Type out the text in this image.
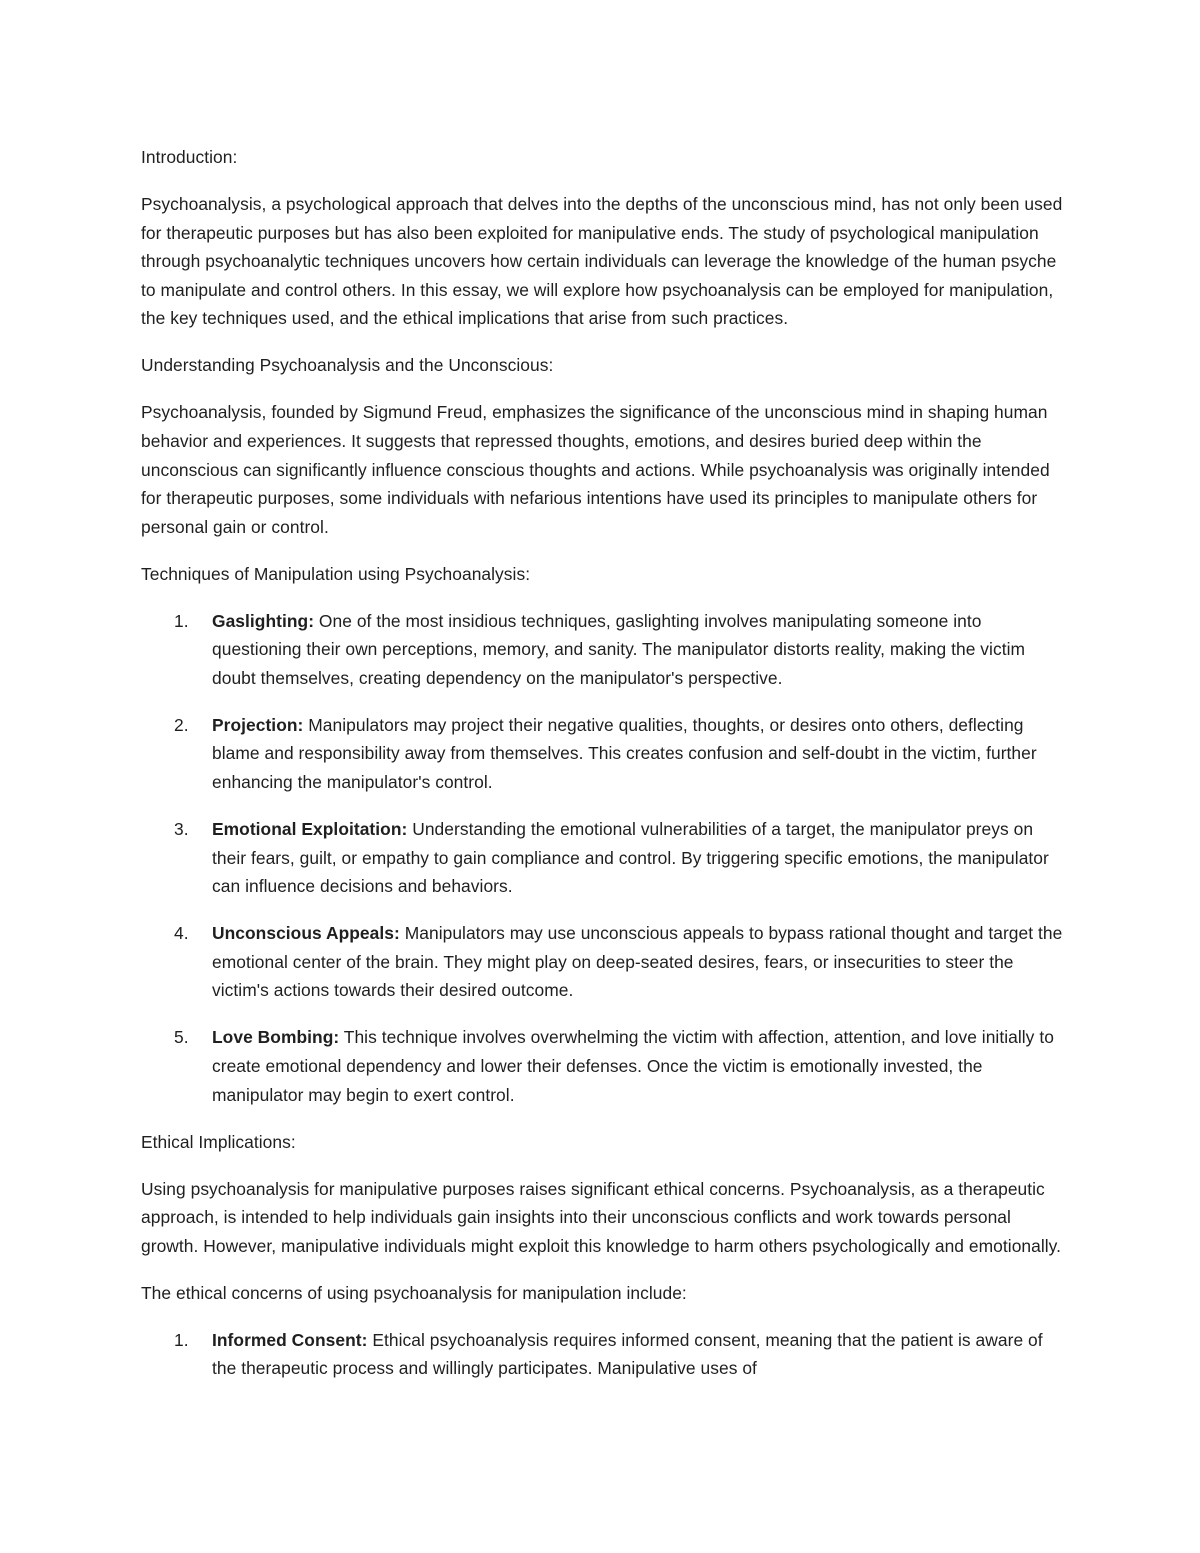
Introduction:

Psychoanalysis, a psychological approach that delves into the depths of the unconscious mind, has not only been used for therapeutic purposes but has also been exploited for manipulative ends. The study of psychological manipulation through psychoanalytic techniques uncovers how certain individuals can leverage the knowledge of the human psyche to manipulate and control others. In this essay, we will explore how psychoanalysis can be employed for manipulation, the key techniques used, and the ethical implications that arise from such practices.

Understanding Psychoanalysis and the Unconscious:

Psychoanalysis, founded by Sigmund Freud, emphasizes the significance of the unconscious mind in shaping human behavior and experiences. It suggests that repressed thoughts, emotions, and desires buried deep within the unconscious can significantly influence conscious thoughts and actions. While psychoanalysis was originally intended for therapeutic purposes, some individuals with nefarious intentions have used its principles to manipulate others for personal gain or control.

Techniques of Manipulation using Psychoanalysis:

1. Gaslighting: One of the most insidious techniques, gaslighting involves manipulating someone into questioning their own perceptions, memory, and sanity. The manipulator distorts reality, making the victim doubt themselves, creating dependency on the manipulator's perspective.
2. Projection: Manipulators may project their negative qualities, thoughts, or desires onto others, deflecting blame and responsibility away from themselves. This creates confusion and self-doubt in the victim, further enhancing the manipulator's control.
3. Emotional Exploitation: Understanding the emotional vulnerabilities of a target, the manipulator preys on their fears, guilt, or empathy to gain compliance and control. By triggering specific emotions, the manipulator can influence decisions and behaviors.
4. Unconscious Appeals: Manipulators may use unconscious appeals to bypass rational thought and target the emotional center of the brain. They might play on deep-seated desires, fears, or insecurities to steer the victim's actions towards their desired outcome.
5. Love Bombing: This technique involves overwhelming the victim with affection, attention, and love initially to create emotional dependency and lower their defenses. Once the victim is emotionally invested, the manipulator may begin to exert control.

Ethical Implications:

Using psychoanalysis for manipulative purposes raises significant ethical concerns. Psychoanalysis, as a therapeutic approach, is intended to help individuals gain insights into their unconscious conflicts and work towards personal growth. However, manipulative individuals might exploit this knowledge to harm others psychologically and emotionally.

The ethical concerns of using psychoanalysis for manipulation include:

1. Informed Consent: Ethical psychoanalysis requires informed consent, meaning that the patient is aware of the therapeutic process and willingly participates. Manipulative uses of
